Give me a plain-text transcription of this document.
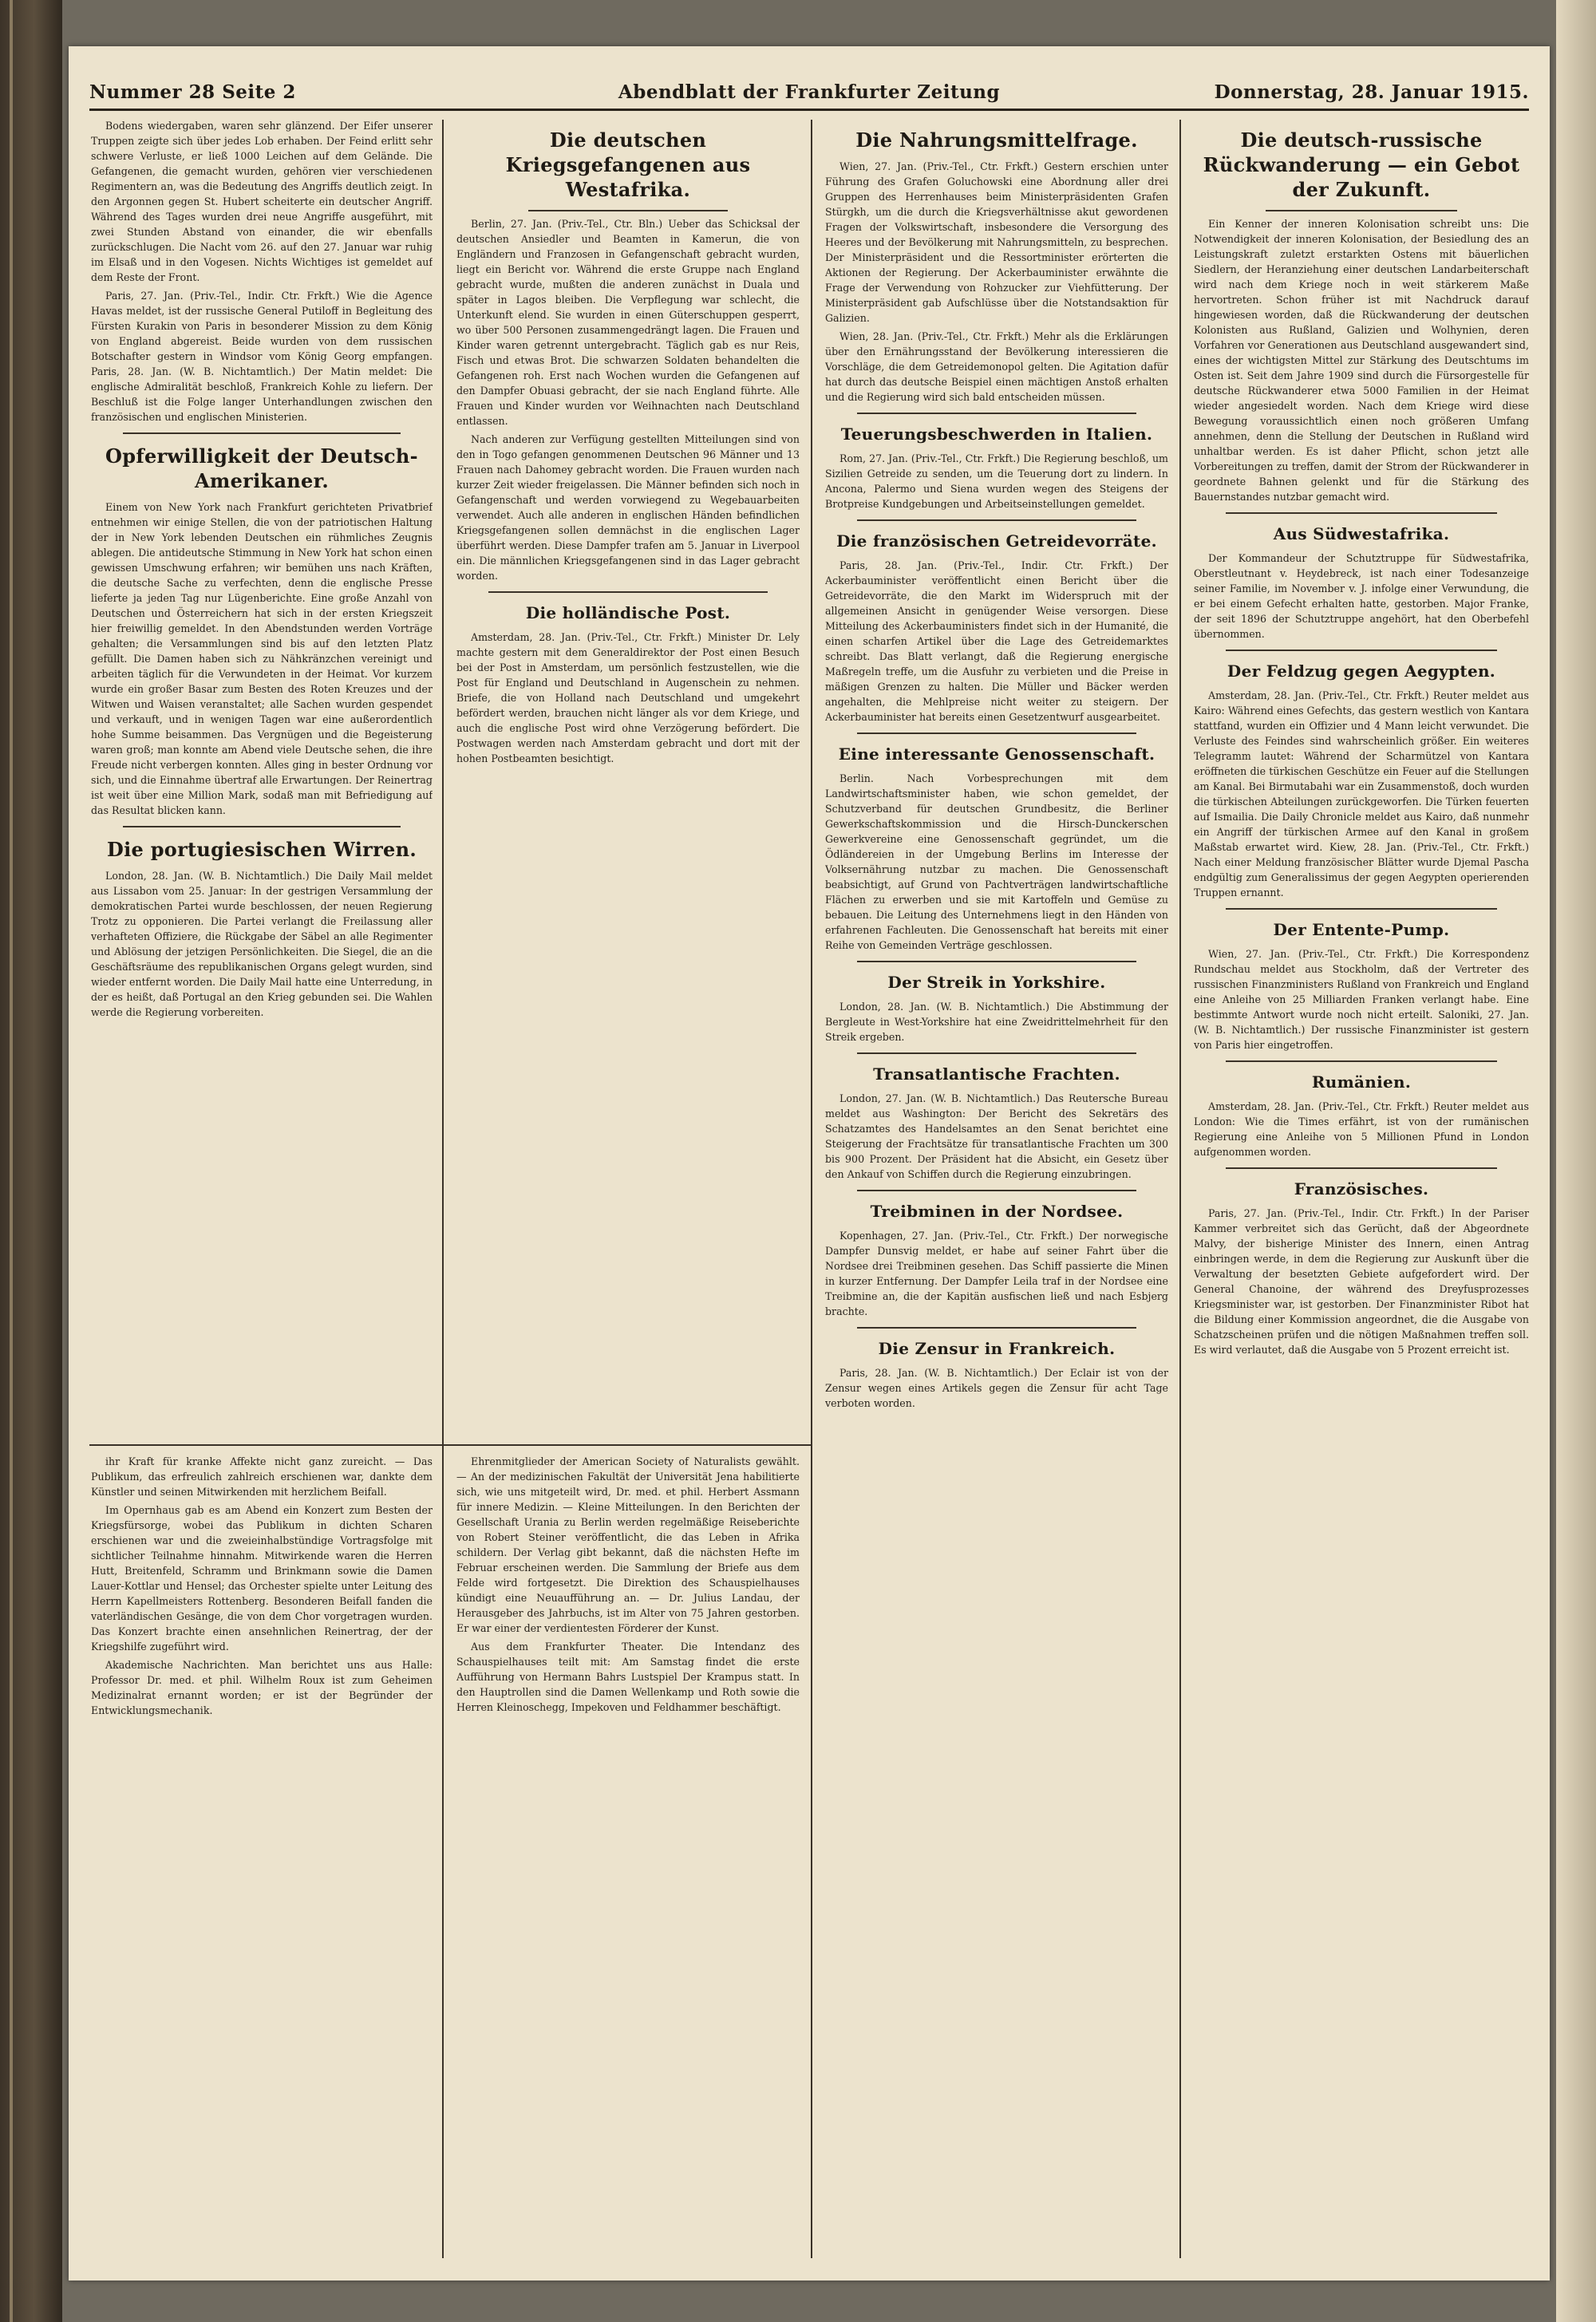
Nummer 28 Seite 2	Abendblatt der Frankfurter Zeitung	Donnerstag, 28. Januar 1915.

Bodens wiedergaben, waren sehr glänzend. Der Eifer unserer Truppen zeigte sich über jedes Lob erhaben. Der Feind erlitt sehr schwere Verluste, er ließ 1000 Leichen auf dem Gelände. Die Gefangenen, die gemacht wurden, gehören vier verschiedenen Regimentern an, was die Bedeutung des Angriffs deutlich zeigt. In den Argonnen gegen St. Hubert scheiterte ein deutscher Angriff. Während des Tages wurden drei neue Angriffe ausgeführt, mit zwei Stunden Abstand von einander, die wir ebenfalls zurückschlugen. Die Nacht vom 26. auf den 27. Januar war ruhig im Elsaß und in den Vogesen. Nichts Wichtiges ist gemeldet auf dem Reste der Front.

Paris, 27. Jan. (Priv.-Tel., Indir. Ctr. Frkft.) Wie die Agence Havas meldet, ist der russische General Putiloff in Begleitung des Fürsten Kurakin von Paris in besonderer Mission zu dem König von England abgereist. Beide wurden von dem russischen Botschafter gestern in Windsor vom König Georg empfangen. Paris, 28. Jan. (W. B. Nichtamtlich.) Der Matin meldet: Die englische Admiralität beschloß, Frankreich Kohle zu liefern. Der Beschluß ist die Folge langer Unterhandlungen zwischen den französischen und englischen Ministerien.

Opferwilligkeit der Deutsch-Amerikaner.

Einem von New York nach Frankfurt gerichteten Privatbrief entnehmen wir einige Stellen, die von der patriotischen Haltung der in New York lebenden Deutschen ein rühmliches Zeugnis ablegen. Die antideutsche Stimmung in New York hat schon einen gewissen Umschwung erfahren; wir bemühen uns nach Kräften, die deutsche Sache zu verfechten, denn die englische Presse lieferte ja jeden Tag nur Lügenberichte. Eine große Anzahl von Deutschen und Österreichern hat sich in der ersten Kriegszeit hier freiwillig gemeldet. In den Abendstunden werden Vorträge gehalten; die Versammlungen sind bis auf den letzten Platz gefüllt. Die Damen haben sich zu Nähkränzchen vereinigt und arbeiten täglich für die Verwundeten in der Heimat. Vor kurzem wurde ein großer Basar zum Besten des Roten Kreuzes und der Witwen und Waisen veranstaltet; alle Sachen wurden gespendet und verkauft, und in wenigen Tagen war eine außerordentlich hohe Summe beisammen. Das Vergnügen und die Begeisterung waren groß; man konnte am Abend viele Deutsche sehen, die ihre Freude nicht verbergen konnten. Alles ging in bester Ordnung vor sich, und die Einnahme übertraf alle Erwartungen. Der Reinertrag ist weit über eine Million Mark, sodaß man mit Befriedigung auf das Resultat blicken kann.

Die portugiesischen Wirren.

London, 28. Jan. (W. B. Nichtamtlich.) Die Daily Mail meldet aus Lissabon vom 25. Januar: In der gestrigen Versammlung der demokratischen Partei wurde beschlossen, der neuen Regierung Trotz zu opponieren. Die Partei verlangt die Freilassung aller verhafteten Offiziere, die Rückgabe der Säbel an alle Regimenter und Ablösung der jetzigen Persönlichkeiten. Die Siegel, die an die Geschäftsräume des republikanischen Organs gelegt wurden, sind wieder entfernt worden. Die Daily Mail hatte eine Unterredung, in der es heißt, daß Portugal an den Krieg gebunden sei. Die Wahlen werde die Regierung vorbereiten.

Die deutschen Kriegsgefangenen aus Westafrika.

Berlin, 27. Jan. (Priv.-Tel., Ctr. Bln.) Ueber das Schicksal der deutschen Ansiedler und Beamten in Kamerun, die von Engländern und Franzosen in Gefangenschaft gebracht wurden, liegt ein Bericht vor. Während die erste Gruppe nach England gebracht wurde, mußten die anderen zunächst in Duala und später in Lagos bleiben. Die Verpflegung war schlecht, die Unterkunft elend. Sie wurden in einen Güterschuppen gesperrt, wo über 500 Personen zusammengedrängt lagen. Die Frauen und Kinder waren getrennt untergebracht. Täglich gab es nur Reis, Fisch und etwas Brot. Die schwarzen Soldaten behandelten die Gefangenen roh. Erst nach Wochen wurden die Gefangenen auf den Dampfer Obuasi gebracht, der sie nach England führte. Alle Frauen und Kinder wurden vor Weihnachten nach Deutschland entlassen.

Nach anderen zur Verfügung gestellten Mitteilungen sind von den in Togo gefangen genommenen Deutschen 96 Männer und 13 Frauen nach Dahomey gebracht worden. Die Frauen wurden nach kurzer Zeit wieder freigelassen. Die Männer befinden sich noch in Gefangenschaft und werden vorwiegend zu Wegebauarbeiten verwendet. Auch alle anderen in englischen Händen befindlichen Kriegsgefangenen sollen demnächst in die englischen Lager überführt werden. Diese Dampfer trafen am 5. Januar in Liverpool ein. Die männlichen Kriegsgefangenen sind in das Lager gebracht worden.

Die holländische Post.

Amsterdam, 28. Jan. (Priv.-Tel., Ctr. Frkft.) Minister Dr. Lely machte gestern mit dem Generaldirektor der Post einen Besuch bei der Post in Amsterdam, um persönlich festzustellen, wie die Post für England und Deutschland in Augenschein zu nehmen. Briefe, die von Holland nach Deutschland und umgekehrt befördert werden, brauchen nicht länger als vor dem Kriege, und auch die englische Post wird ohne Verzögerung befördert. Die Postwagen werden nach Amsterdam gebracht und dort mit der hohen Postbeamten besichtigt.

ihr Kraft für kranke Affekte nicht ganz zureicht. — Das Publikum, das erfreulich zahlreich erschienen war, dankte dem Künstler und seinen Mitwirkenden mit herzlichem Beifall.

Im Opernhaus gab es am Abend ein Konzert zum Besten der Kriegsfürsorge, wobei das Publikum in dichten Scharen erschienen war und die zweieinhalbstündige Vortragsfolge mit sichtlicher Teilnahme hinnahm. Mitwirkende waren die Herren Hutt, Breitenfeld, Schramm und Brinkmann sowie die Damen Lauer-Kottlar und Hensel; das Orchester spielte unter Leitung des Herrn Kapellmeisters Rottenberg. Besonderen Beifall fanden die vaterländischen Gesänge, die von dem Chor vorgetragen wurden. Das Konzert brachte einen ansehnlichen Reinertrag, der der Kriegshilfe zugeführt wird.

Akademische Nachrichten. Man berichtet uns aus Halle: Professor Dr. med. et phil. Wilhelm Roux ist zum Geheimen Medizinalrat ernannt worden; er ist der Begründer der Entwicklungsmechanik.

Ehrenmitglieder der American Society of Naturalists gewählt. — An der medizinischen Fakultät der Universität Jena habilitierte sich, wie uns mitgeteilt wird, Dr. med. et phil. Herbert Assmann für innere Medizin. — Kleine Mitteilungen. In den Berichten der Gesellschaft Urania zu Berlin werden regelmäßige Reiseberichte von Robert Steiner veröffentlicht, die das Leben in Afrika schildern. Der Verlag gibt bekannt, daß die nächsten Hefte im Februar erscheinen werden. Die Sammlung der Briefe aus dem Felde wird fortgesetzt. Die Direktion des Schauspielhauses kündigt eine Neuaufführung an. — Dr. Julius Landau, der Herausgeber des Jahrbuchs, ist im Alter von 75 Jahren gestorben. Er war einer der verdientesten Förderer der Kunst.

Aus dem Frankfurter Theater. Die Intendanz des Schauspielhauses teilt mit: Am Samstag findet die erste Aufführung von Hermann Bahrs Lustspiel Der Krampus statt. In den Hauptrollen sind die Damen Wellenkamp und Roth sowie die Herren Kleinoschegg, Impekoven und Feldhammer beschäftigt.

Die Nahrungsmittelfrage.

Wien, 27. Jan. (Priv.-Tel., Ctr. Frkft.) Gestern erschien unter Führung des Grafen Goluchowski eine Abordnung aller drei Gruppen des Herrenhauses beim Ministerpräsidenten Grafen Stürgkh, um die durch die Kriegsverhältnisse akut gewordenen Fragen der Volkswirtschaft, insbesondere die Versorgung des Heeres und der Bevölkerung mit Nahrungsmitteln, zu besprechen. Der Ministerpräsident und die Ressortminister erörterten die Aktionen der Regierung. Der Ackerbauminister erwähnte die Frage der Verwendung von Rohzucker zur Viehfütterung. Der Ministerpräsident gab Aufschlüsse über die Notstandsaktion für Galizien.

Wien, 28. Jan. (Priv.-Tel., Ctr. Frkft.) Mehr als die Erklärungen über den Ernährungsstand der Bevölkerung interessieren die Vorschläge, die dem Getreidemonopol gelten. Die Agitation dafür hat durch das deutsche Beispiel einen mächtigen Anstoß erhalten und die Regierung wird sich bald entscheiden müssen.

Teuerungsbeschwerden in Italien.

Rom, 27. Jan. (Priv.-Tel., Ctr. Frkft.) Die Regierung beschloß, um Sizilien Getreide zu senden, um die Teuerung dort zu lindern. In Ancona, Palermo und Siena wurden wegen des Steigens der Brotpreise Kundgebungen und Arbeitseinstellungen gemeldet.

Die französischen Getreidevorräte.

Paris, 28. Jan. (Priv.-Tel., Indir. Ctr. Frkft.) Der Ackerbauminister veröffentlicht einen Bericht über die Getreidevorräte, die den Markt im Widerspruch mit der allgemeinen Ansicht in genügender Weise versorgen. Diese Mitteilung des Ackerbauministers findet sich in der Humanité, die einen scharfen Artikel über die Lage des Getreidemarktes schreibt. Das Blatt verlangt, daß die Regierung energische Maßregeln treffe, um die Ausfuhr zu verbieten und die Preise in mäßigen Grenzen zu halten. Die Müller und Bäcker werden angehalten, die Mehlpreise nicht weiter zu steigern. Der Ackerbauminister hat bereits einen Gesetzentwurf ausgearbeitet.

Eine interessante Genossenschaft.

Berlin. Nach Vorbesprechungen mit dem Landwirtschaftsminister haben, wie schon gemeldet, der Schutzverband für deutschen Grundbesitz, die Berliner Gewerkschaftskommission und die Hirsch-Dunckerschen Gewerkvereine eine Genossenschaft gegründet, um die Ödländereien in der Umgebung Berlins im Interesse der Volksernährung nutzbar zu machen. Die Genossenschaft beabsichtigt, auf Grund von Pachtverträgen landwirtschaftliche Flächen zu erwerben und sie mit Kartoffeln und Gemüse zu bebauen. Die Leitung des Unternehmens liegt in den Händen von erfahrenen Fachleuten. Die Genossenschaft hat bereits mit einer Reihe von Gemeinden Verträge geschlossen.

Der Streik in Yorkshire.

London, 28. Jan. (W. B. Nichtamtlich.) Die Abstimmung der Bergleute in West-Yorkshire hat eine Zweidrittelmehrheit für den Streik ergeben.

Transatlantische Frachten.

London, 27. Jan. (W. B. Nichtamtlich.) Das Reutersche Bureau meldet aus Washington: Der Bericht des Sekretärs des Schatzamtes des Handelsamtes an den Senat berichtet eine Steigerung der Frachtsätze für transatlantische Frachten um 300 bis 900 Prozent. Der Präsident hat die Absicht, ein Gesetz über den Ankauf von Schiffen durch die Regierung einzubringen.

Treibminen in der Nordsee.

Kopenhagen, 27. Jan. (Priv.-Tel., Ctr. Frkft.) Der norwegische Dampfer Dunsvig meldet, er habe auf seiner Fahrt über die Nordsee drei Treibminen gesehen. Das Schiff passierte die Minen in kurzer Entfernung. Der Dampfer Leila traf in der Nordsee eine Treibmine an, die der Kapitän ausfischen ließ und nach Esbjerg brachte.

Die Zensur in Frankreich.

Paris, 28. Jan. (W. B. Nichtamtlich.) Der Eclair ist von der Zensur wegen eines Artikels gegen die Zensur für acht Tage verboten worden.

Die deutsch-russische Rückwanderung — ein Gebot der Zukunft.

Ein Kenner der inneren Kolonisation schreibt uns: Die Notwendigkeit der inneren Kolonisation, der Besiedlung des an Leistungskraft zuletzt erstarkten Ostens mit bäuerlichen Siedlern, der Heranziehung einer deutschen Landarbeiterschaft wird nach dem Kriege noch in weit stärkerem Maße hervortreten. Schon früher ist mit Nachdruck darauf hingewiesen worden, daß die Rückwanderung der deutschen Kolonisten aus Rußland, Galizien und Wolhynien, deren Vorfahren vor Generationen aus Deutschland ausgewandert sind, eines der wichtigsten Mittel zur Stärkung des Deutschtums im Osten ist. Seit dem Jahre 1909 sind durch die Fürsorgestelle für deutsche Rückwanderer etwa 5000 Familien in der Heimat wieder angesiedelt worden. Nach dem Kriege wird diese Bewegung voraussichtlich einen noch größeren Umfang annehmen, denn die Stellung der Deutschen in Rußland wird unhaltbar werden. Es ist daher Pflicht, schon jetzt alle Vorbereitungen zu treffen, damit der Strom der Rückwanderer in geordnete Bahnen gelenkt und für die Stärkung des Bauernstandes nutzbar gemacht wird.

Aus Südwestafrika.

Der Kommandeur der Schutztruppe für Südwestafrika, Oberstleutnant v. Heydebreck, ist nach einer Todesanzeige seiner Familie, im November v. J. infolge einer Verwundung, die er bei einem Gefecht erhalten hatte, gestorben. Major Franke, der seit 1896 der Schutztruppe angehört, hat den Oberbefehl übernommen.

Der Feldzug gegen Aegypten.

Amsterdam, 28. Jan. (Priv.-Tel., Ctr. Frkft.) Reuter meldet aus Kairo: Während eines Gefechts, das gestern westlich von Kantara stattfand, wurden ein Offizier und 4 Mann leicht verwundet. Die Verluste des Feindes sind wahrscheinlich größer. Ein weiteres Telegramm lautet: Während der Scharmützel von Kantara eröffneten die türkischen Geschütze ein Feuer auf die Stellungen am Kanal. Bei Birmutabahi war ein Zusammenstoß, doch wurden die türkischen Abteilungen zurückgeworfen. Die Türken feuerten auf Ismailia. Die Daily Chronicle meldet aus Kairo, daß nunmehr ein Angriff der türkischen Armee auf den Kanal in großem Maßstab erwartet wird. Kiew, 28. Jan. (Priv.-Tel., Ctr. Frkft.) Nach einer Meldung französischer Blätter wurde Djemal Pascha endgültig zum Generalissimus der gegen Aegypten operierenden Truppen ernannt.

Der Entente-Pump.

Wien, 27. Jan. (Priv.-Tel., Ctr. Frkft.) Die Korrespondenz Rundschau meldet aus Stockholm, daß der Vertreter des russischen Finanzministers Rußland von Frankreich und England eine Anleihe von 25 Milliarden Franken verlangt habe. Eine bestimmte Antwort wurde noch nicht erteilt. Saloniki, 27. Jan. (W. B. Nichtamtlich.) Der russische Finanzminister ist gestern von Paris hier eingetroffen.

Rumänien.

Amsterdam, 28. Jan. (Priv.-Tel., Ctr. Frkft.) Reuter meldet aus London: Wie die Times erfährt, ist von der rumänischen Regierung eine Anleihe von 5 Millionen Pfund in London aufgenommen worden.

Französisches.

Paris, 27. Jan. (Priv.-Tel., Indir. Ctr. Frkft.) In der Pariser Kammer verbreitet sich das Gerücht, daß der Abgeordnete Malvy, der bisherige Minister des Innern, einen Antrag einbringen werde, in dem die Regierung zur Auskunft über die Verwaltung der besetzten Gebiete aufgefordert wird. Der General Chanoine, der während des Dreyfusprozesses Kriegsminister war, ist gestorben. Der Finanzminister Ribot hat die Bildung einer Kommission angeordnet, die die Ausgabe von Schatzscheinen prüfen und die nötigen Maßnahmen treffen soll. Es wird verlautet, daß die Ausgabe von 5 Prozent erreicht ist.
